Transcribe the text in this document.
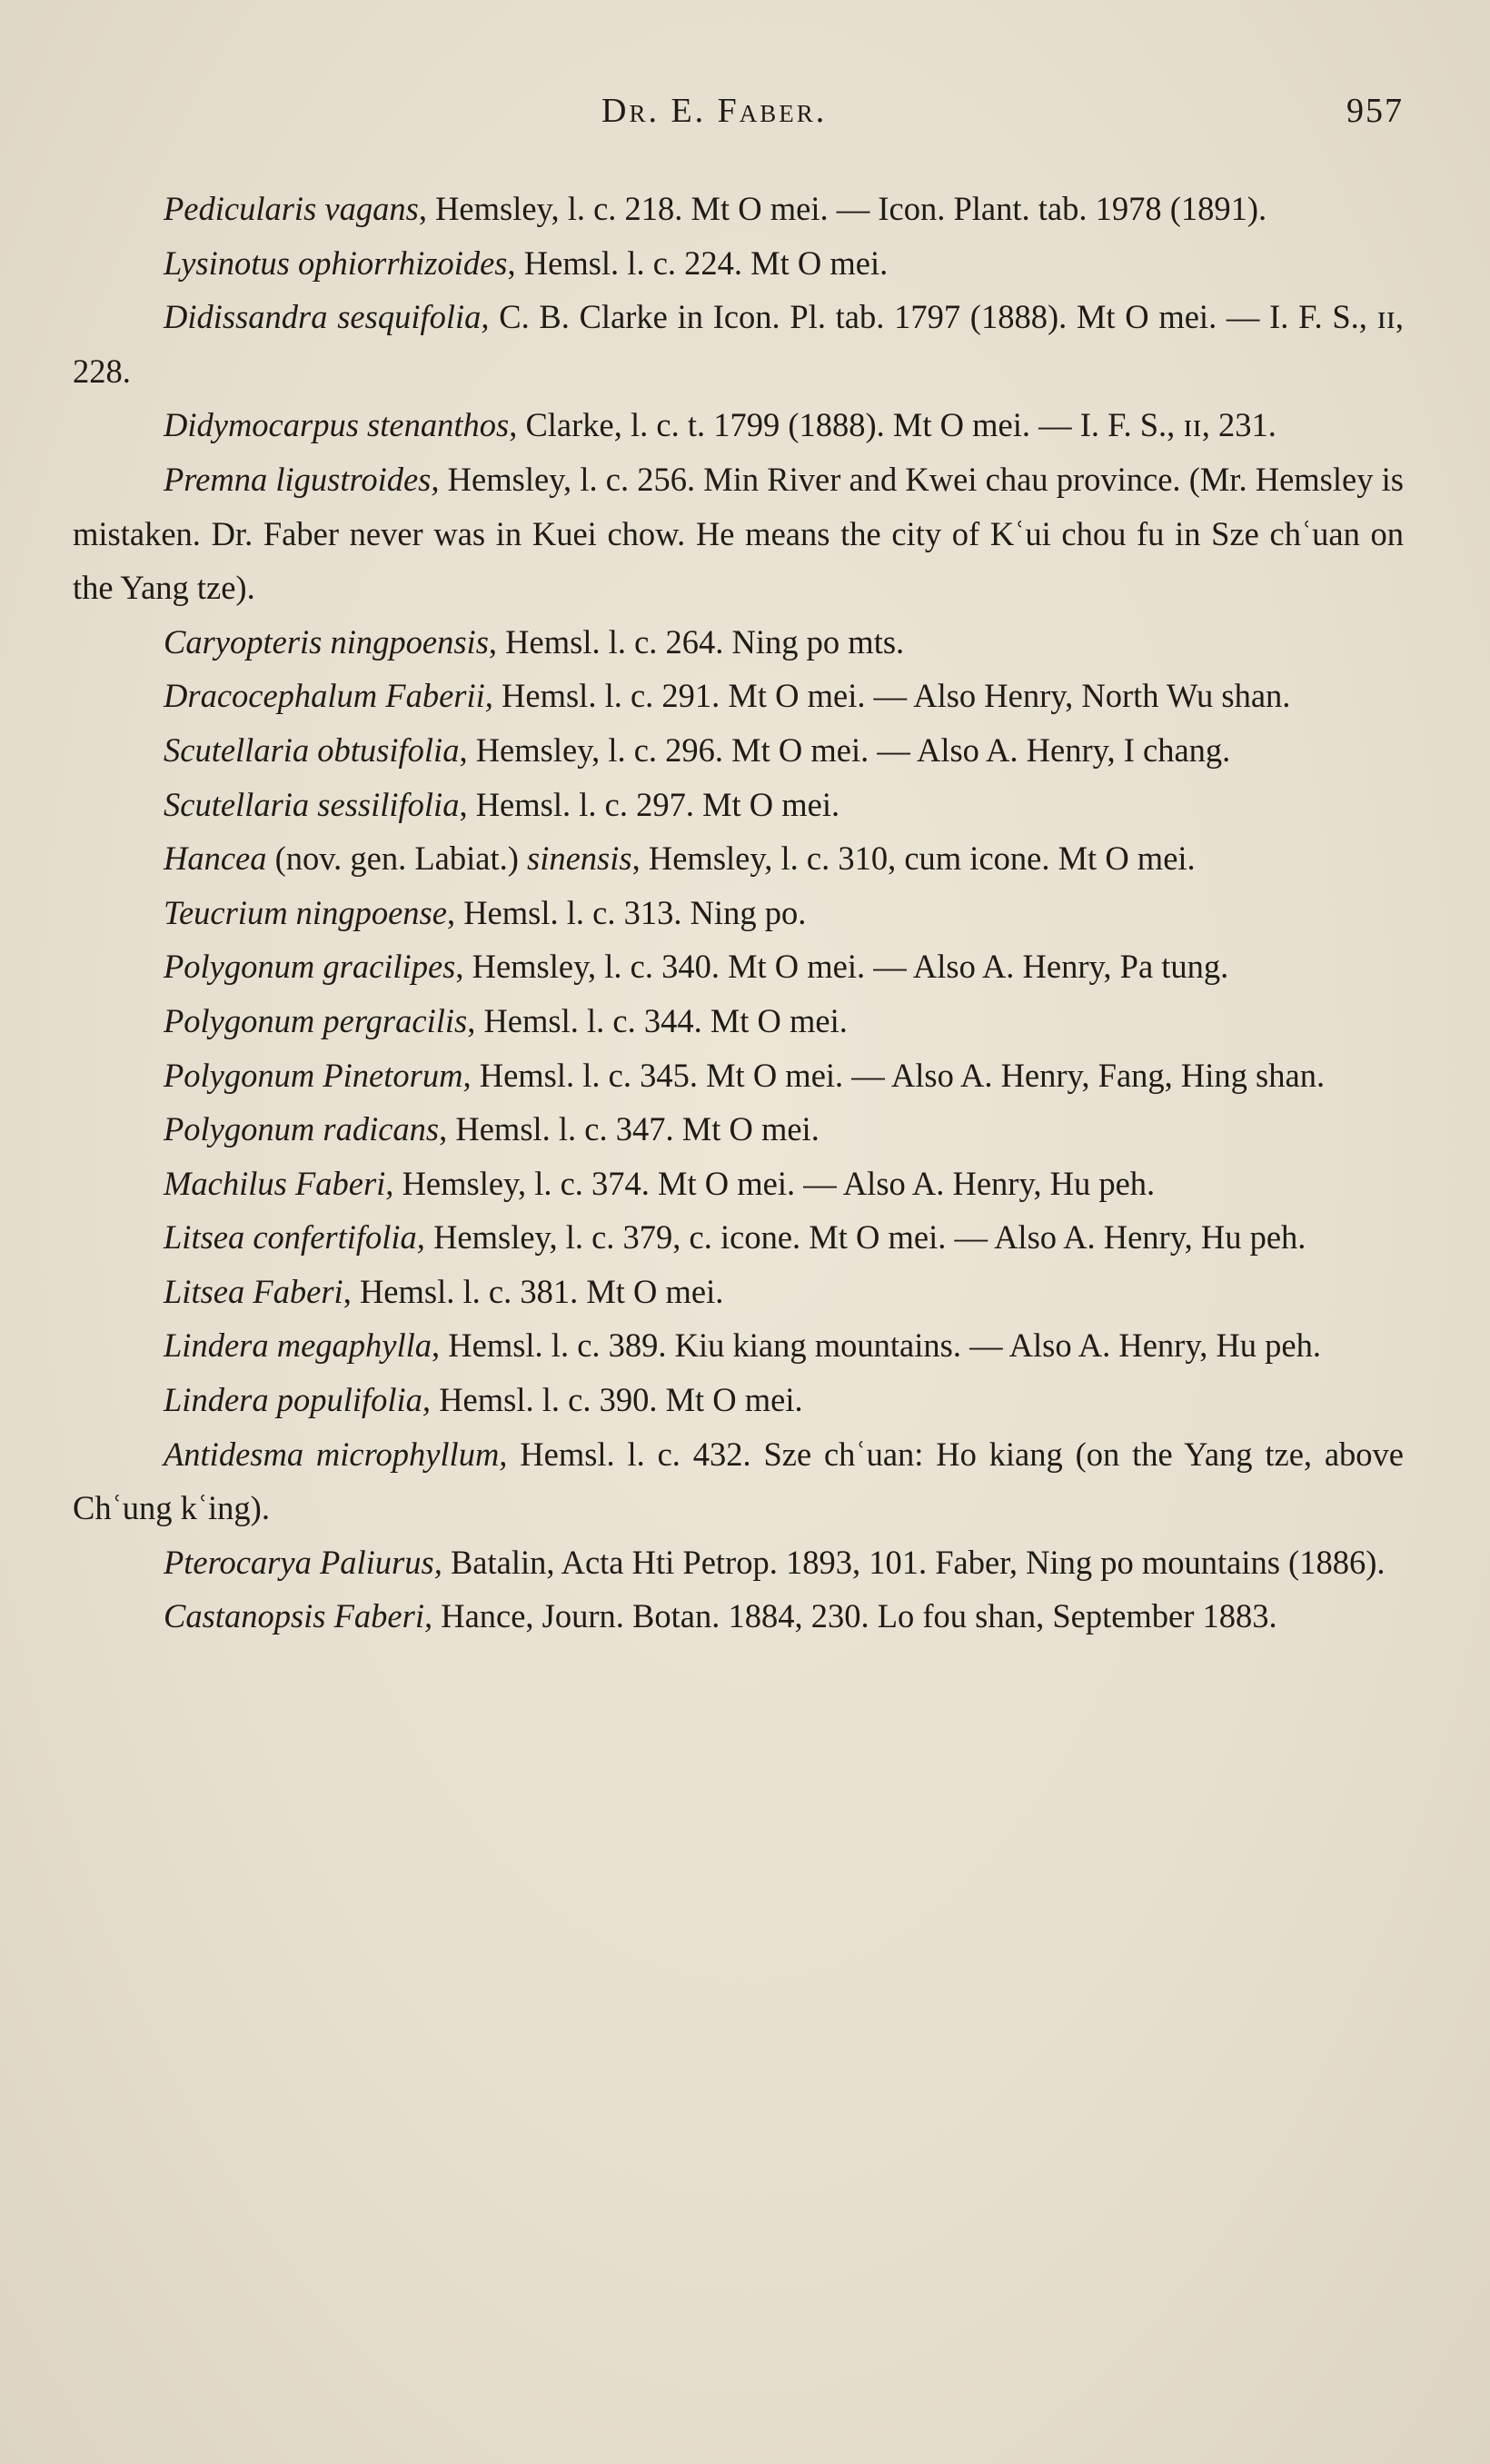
Dr. E. Faber.	957

Pedicularis vagans, Hemsley, l. c. 218. Mt O mei. — Icon. Plant. tab. 1978 (1891).

Lysinotus ophiorrhizoides, Hemsl. l. c. 224. Mt O mei.

Didissandra sesquifolia, C. B. Clarke in Icon. Pl. tab. 1797 (1888). Mt O mei. — I. F. S., ɪɪ, 228.

Didymocarpus stenanthos, Clarke, l. c. t. 1799 (1888). Mt O mei. — I. F. S., ɪɪ, 231.

Premna ligustroides, Hemsley, l. c. 256. Min River and Kwei chau province. (Mr. Hemsley is mistaken. Dr. Faber never was in Kuei chow. He means the city of Kʿui chou fu in Sze chʿuan on the Yang tze).

Caryopteris ningpoensis, Hemsl. l. c. 264. Ning po mts.

Dracocephalum Faberii, Hemsl. l. c. 291. Mt O mei. — Also Henry, North Wu shan.

Scutellaria obtusifolia, Hemsley, l. c. 296. Mt O mei. — Also A. Henry, I chang.

Scutellaria sessilifolia, Hemsl. l. c. 297. Mt O mei.

Hancea (nov. gen. Labiat.) sinensis, Hemsley, l. c. 310, cum icone. Mt O mei.

Teucrium ningpoense, Hemsl. l. c. 313. Ning po.

Polygonum gracilipes, Hemsley, l. c. 340. Mt O mei. — Also A. Henry, Pa tung.

Polygonum pergracilis, Hemsl. l. c. 344. Mt O mei.

Polygonum Pinetorum, Hemsl. l. c. 345. Mt O mei. — Also A. Henry, Fang, Hing shan.

Polygonum radicans, Hemsl. l. c. 347. Mt O mei.

Machilus Faberi, Hemsley, l. c. 374. Mt O mei. — Also A. Henry, Hu peh.

Litsea confertifolia, Hemsley, l. c. 379, c. icone. Mt O mei. — Also A. Henry, Hu peh.

Litsea Faberi, Hemsl. l. c. 381. Mt O mei.

Lindera megaphylla, Hemsl. l. c. 389. Kiu kiang mountains. — Also A. Henry, Hu peh.

Lindera populifolia, Hemsl. l. c. 390. Mt O mei.

Antidesma microphyllum, Hemsl. l. c. 432. Sze chʿuan: Ho kiang (on the Yang tze, above Chʿung kʿing).

Pterocarya Paliurus, Batalin, Acta Hti Petrop. 1893, 101. Faber, Ning po mountains (1886).

Castanopsis Faberi, Hance, Journ. Botan. 1884, 230. Lo fou shan, September 1883.
